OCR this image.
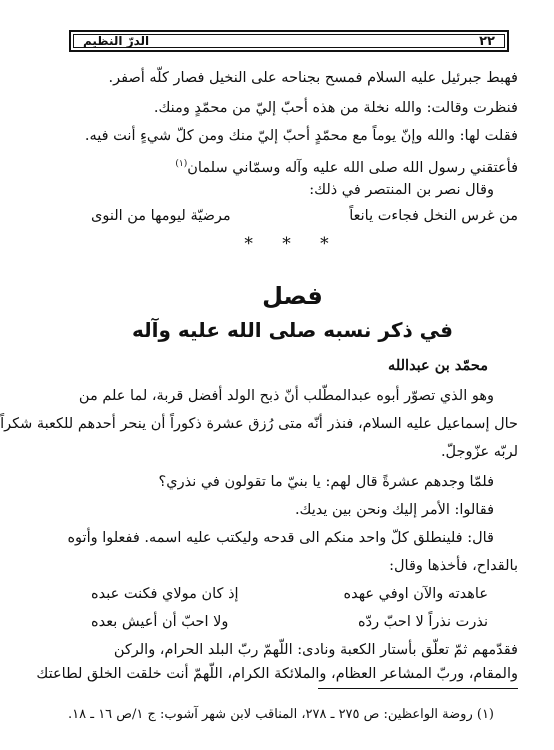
٢٢
الدرّ النظيم
فهبط جبرئيل عليه السلام فمسح بجناحه على النخيل فصار كلّه أصفر.
فنظرت وقالت: والله نخلة من هذه أحبّ إليّ من محمّدٍ ومنك.
فقلت لها: والله وإنّ يوماً مع محمّدٍ أحبّ إليّ منك ومن كلّ شيءٍ أنت فيه.
فأعتقني رسول الله صلى الله عليه وآله وسمّاني سلمان$^{(١)}$
وقال نصر بن المنتصر في ذلك:
من غرس النخل فجاءت يانعاً
مرضيّة ليومها من النوى
* * *
فصل
في ذكر نسبه صلى الله عليه وآله
محمّد بن عبدالله
وهو الذي تصوّر أبوه عبدالمطّلب أنّ ذبح الولد أفضل قربة، لما علم من
حال إسماعيل عليه السلام، فنذر أنّه متى رُزق عشرة ذكوراً أن ينحر أحدهم للكعبة شكراً
لربّه عزّوجلّ.
فلمّا وجدهم عشرةً قال لهم: يا بنيّ ما تقولون في نذري؟
فقالوا: الأمر إليك ونحن بين يديك.
قال: فلينطلق كلّ واحد منكم الى قدحه وليكتب عليه اسمه. ففعلوا وأتوه
بالقداح، فأخذها وقال:
عاهدته والآن اوفي عهده
إذ كان مولاي فكنت عبده
نذرت نذراً لا احبّ ردّه
ولا احبّ أن أعيش بعده
فقدّمهم ثمّ تعلّق بأستار الكعبة ونادى: اللّهمّ ربّ البلد الحرام، والركن
والمقام، وربّ المشاعر العظام، والملائكة الكرام، اللّهمّ أنت خلقت الخلق لطاعتك
(١) روضة الواعظين: ص ٢٧٥ ـ ٢٧٨، المناقب لابن شهر آشوب: ج ١/ص ١٦ ـ ١٨.
